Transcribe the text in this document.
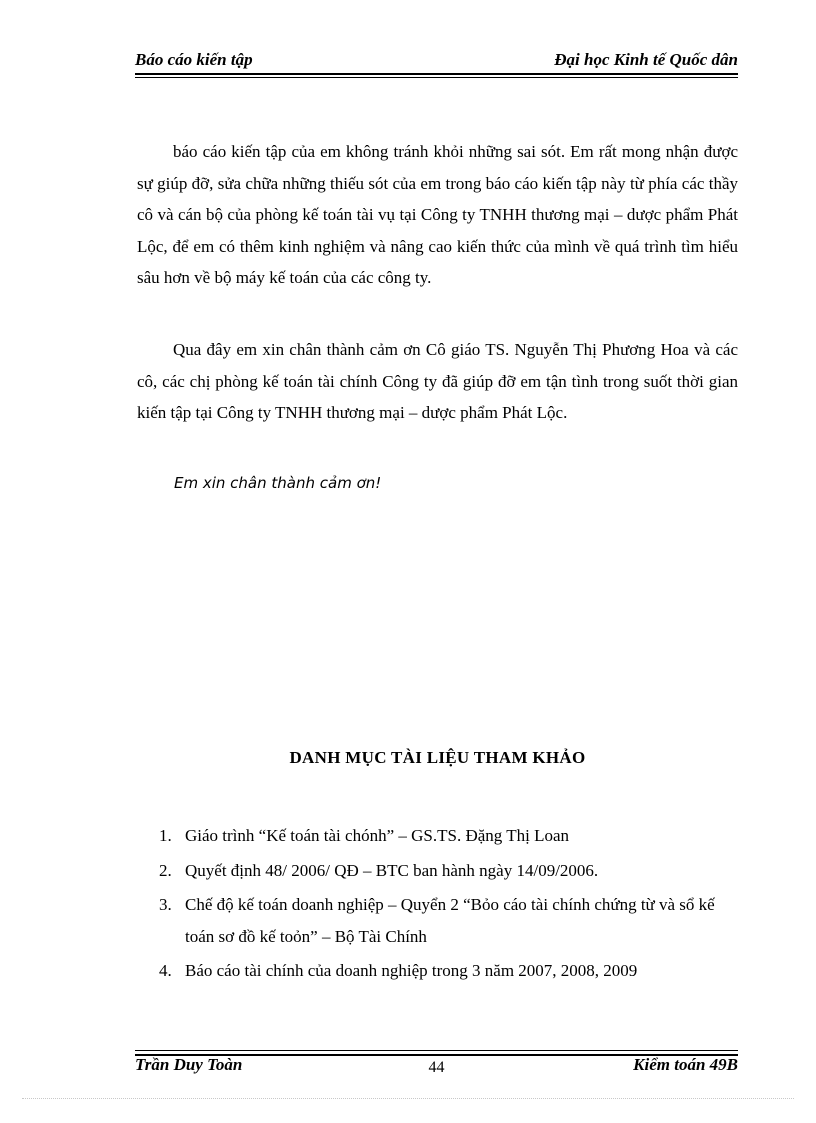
Báo cáo kiến tập	Đại học Kinh tế Quốc dân

báo cáo kiến tập của em không tránh khỏi những sai sót. Em rất mong nhận được sự giúp đỡ, sửa chữa những thiếu sót của em trong báo cáo kiến tập này từ phía các thầy cô và cán bộ của phòng kế toán tài vụ tại Công ty TNHH thương mại – dược phẩm Phát Lộc, để em có thêm kinh nghiệm và nâng cao kiến thức của mình về quá trình tìm hiểu sâu hơn về bộ máy kế toán của các công ty.

Qua đây em xin chân thành cảm ơn Cô giáo TS. Nguyễn Thị Phương Hoa và các cô, các chị phòng kế toán tài chính Công ty đã giúp đỡ em tận tình trong suốt thời gian kiến tập tại Công ty TNHH thương mại – dược phẩm Phát Lộc.

Em xin chân thành cảm ơn!
DANH MỤC TÀI LIỆU THAM KHẢO
1. Giáo trình “Kế toán tài chónh” – GS.TS. Đặng Thị Loan
2. Quyết định 48/ 2006/ QĐ – BTC ban hành ngày 14/09/2006.
3. Chế độ kế toán doanh nghiệp – Quyển 2 “Bỏo cáo tài chính chứng từ và sổ kế toán sơ đồ kế toỏn” – Bộ Tài Chính
4. Báo cáo tài chính của doanh nghiệp trong 3 năm 2007, 2008, 2009
Trần Duy Toàn	44	Kiểm toán 49B
